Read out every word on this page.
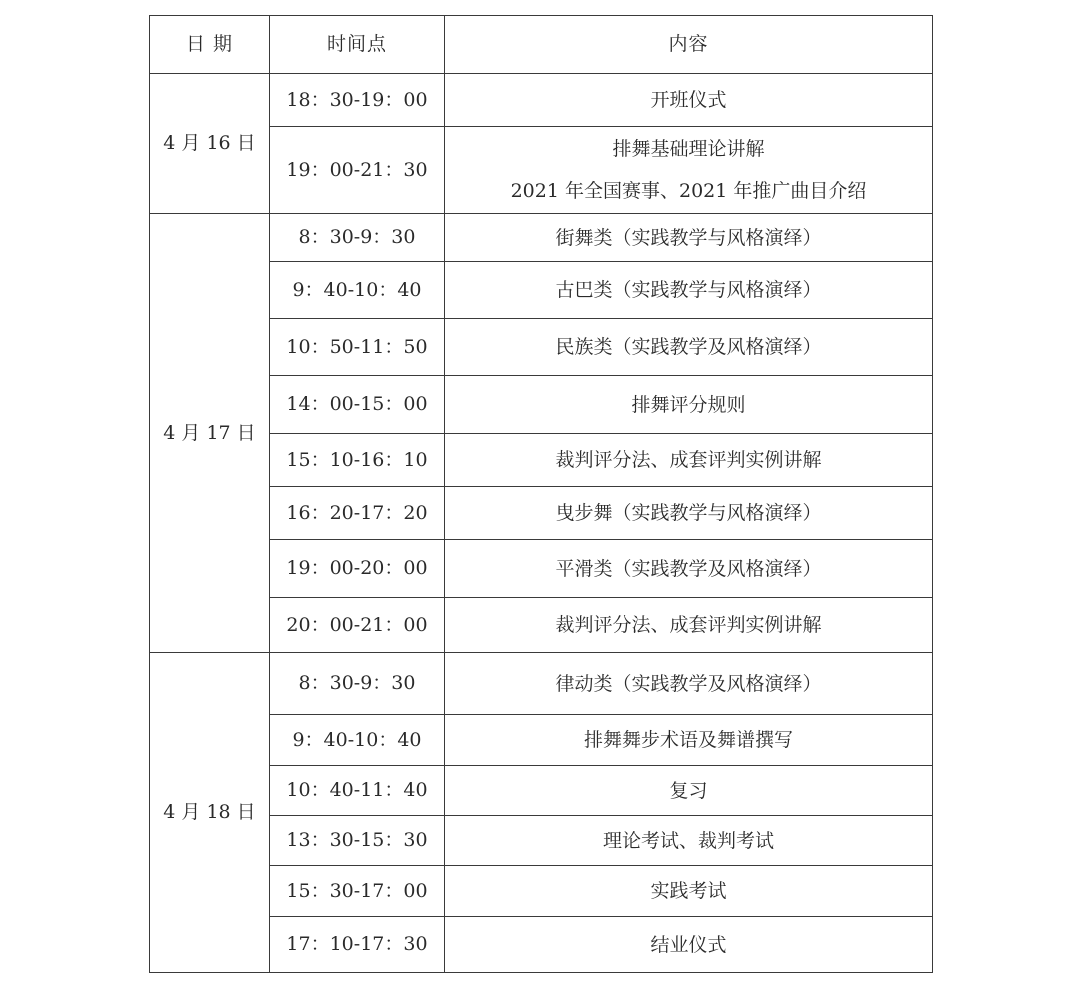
日 期	时间点	内容
4 月 16 日	18：30-19：00	开班仪式

	19：00-21：30	排舞基础理论讲解
2021 年全国赛事、2021 年推广曲目介绍

4 月 17 日	8：30-9：30	街舞类（实践教学与风格演绎）

	9：40-10：40	古巴类（实践教学与风格演绎）

	10：50-11：50	民族类（实践教学及风格演绎）

	14：00-15：00	排舞评分规则

	15：10-16：10	裁判评分法、成套评判实例讲解

	16：20-17：20	曳步舞（实践教学与风格演绎）

	19：00-20：00	平滑类（实践教学及风格演绎）

	20：00-21：00	裁判评分法、成套评判实例讲解

4 月 18 日	8：30-9：30	律动类（实践教学及风格演绎）

	9：40-10：40	排舞舞步术语及舞谱撰写

	10：40-11：40	复习

	13：30-15：30	理论考试、裁判考试

	15：30-17：00	实践考试

	17：10-17：30	结业仪式
